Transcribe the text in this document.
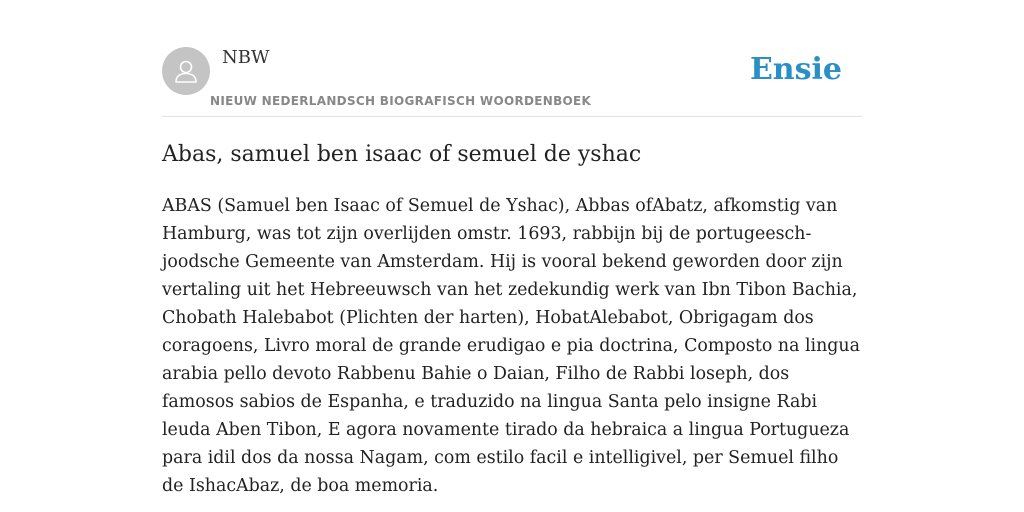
NBW
NIEUW NEDERLANDSCH BIOGRAFISCH WOORDENBOEK
Ensie
Abas, samuel ben isaac of semuel de yshac

ABAS (Samuel ben Isaac of Semuel de Yshac), Abbas ofAbatz, afkomstig van Hamburg, was tot zijn overlijden omstr. 1693, rabbijn bij de portugeesch-joodsche Gemeente van Amsterdam. Hij is vooral bekend geworden door zijn vertaling uit het Hebreeuwsch van het zedekundig werk van Ibn Tibon Bachia, Chobath Halebabot (Plichten der harten), HobatAlebabot, Obrigagam dos coragoens, Livro moral de grande erudigao e pia doctrina, Composto na lingua arabia pello devoto Rabbenu Bahie o Daian, Filho de Rabbi loseph, dos famosos sabios de Espanha, e traduzido na lingua Santa pelo insigne Rabi leuda Aben Tibon, E agora novamente tirado da hebraica a lingua Portugueza para idil dos da nossa Nagam, com estilo facil e intelligivel, per Semuel filho de IshacAbaz, de boa memoria.
